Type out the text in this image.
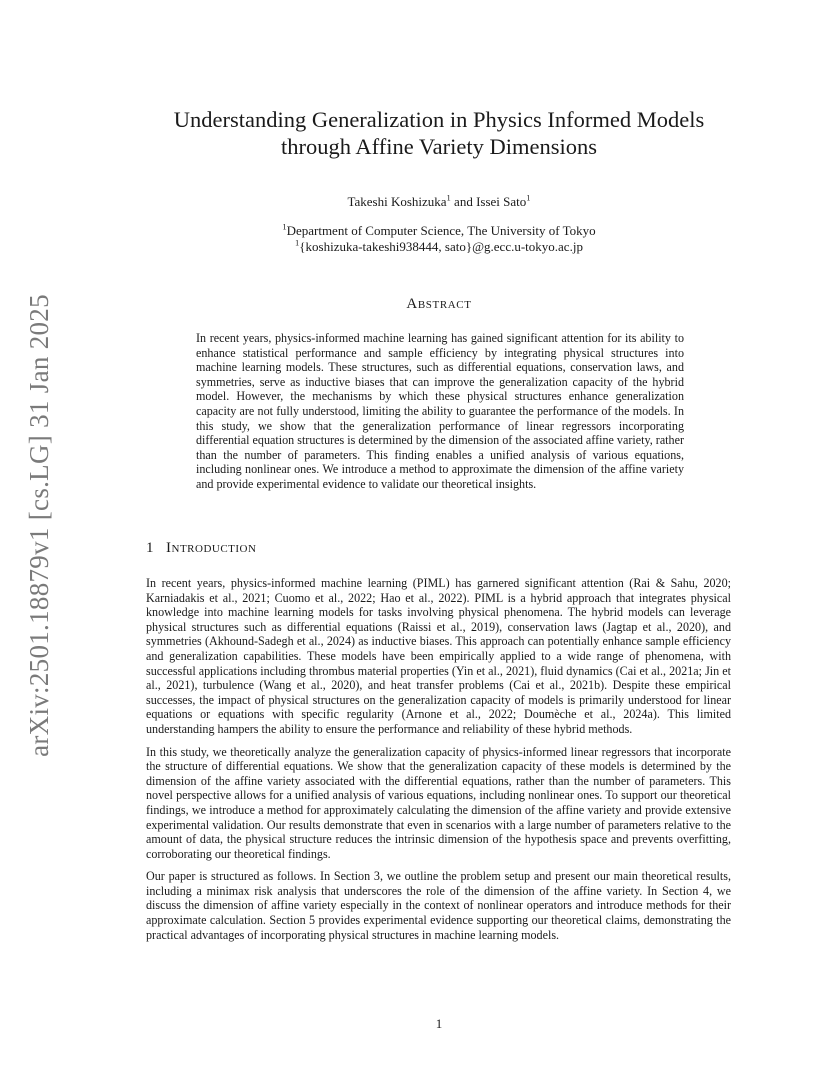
arXiv:2501.18879v1 [cs.LG] 31 Jan 2025
Understanding Generalization in Physics Informed Models
through Affine Variety Dimensions
Takeshi Koshizuka$^1$ and Issei Sato$^1$
$^1$Department of Computer Science, The University of Tokyo
$^1${koshizuka-takeshi938444, sato}@g.ecc.u-tokyo.ac.jp
Abstract
In recent years, physics-informed machine learning has gained significant attention for its ability to enhance statistical performance and sample efficiency by integrating physical structures into machine learning models. These structures, such as differential equations, conservation laws, and symmetries, serve as inductive biases that can improve the generalization capacity of the hybrid model. However, the mechanisms by which these physical structures enhance generalization capacity are not fully understood, limiting the ability to guarantee the performance of the models. In this study, we show that the generalization performance of linear regressors incorporating differential equation structures is determined by the dimension of the associated affine variety, rather than the number of parameters. This finding enables a unified analysis of various equations, including nonlinear ones. We introduce a method to approximate the dimension of the affine variety and provide experimental evidence to validate our theoretical insights.
1 Introduction

In recent years, physics-informed machine learning (PIML) has garnered significant attention (Rai & Sahu, 2020; Karniadakis et al., 2021; Cuomo et al., 2022; Hao et al., 2022). PIML is a hybrid approach that integrates physical knowledge into machine learning models for tasks involving physical phenomena. The hybrid models can leverage physical structures such as differential equations (Raissi et al., 2019), conservation laws (Jagtap et al., 2020), and symmetries (Akhound-Sadegh et al., 2024) as inductive biases. This approach can potentially enhance sample efficiency and generalization capabilities. These models have been empirically applied to a wide range of phenomena, with successful applications including thrombus material properties (Yin et al., 2021), fluid dynamics (Cai et al., 2021a; Jin et al., 2021), turbulence (Wang et al., 2020), and heat transfer problems (Cai et al., 2021b). Despite these empirical successes, the impact of physical structures on the generalization capacity of models is primarily understood for linear equations or equations with specific regularity (Arnone et al., 2022; Doumèche et al., 2024a). This limited understanding hampers the ability to ensure the performance and reliability of these hybrid methods.

In this study, we theoretically analyze the generalization capacity of physics-informed linear regressors that incorporate the structure of differential equations. We show that the generalization capacity of these models is determined by the dimension of the affine variety associated with the differential equations, rather than the number of parameters. This novel perspective allows for a unified analysis of various equations, including nonlinear ones. To support our theoretical findings, we introduce a method for approximately calculating the dimension of the affine variety and provide extensive experimental validation. Our results demonstrate that even in scenarios with a large number of parameters relative to the amount of data, the physical structure reduces the intrinsic dimension of the hypothesis space and prevents overfitting, corroborating our theoretical findings.

Our paper is structured as follows. In Section 3, we outline the problem setup and present our main theoretical results, including a minimax risk analysis that underscores the role of the dimension of the affine variety. In Section 4, we discuss the dimension of affine variety especially in the context of nonlinear operators and introduce methods for their approximate calculation. Section 5 provides experimental evidence supporting our theoretical claims, demonstrating the practical advantages of incorporating physical structures in machine learning models.

1
